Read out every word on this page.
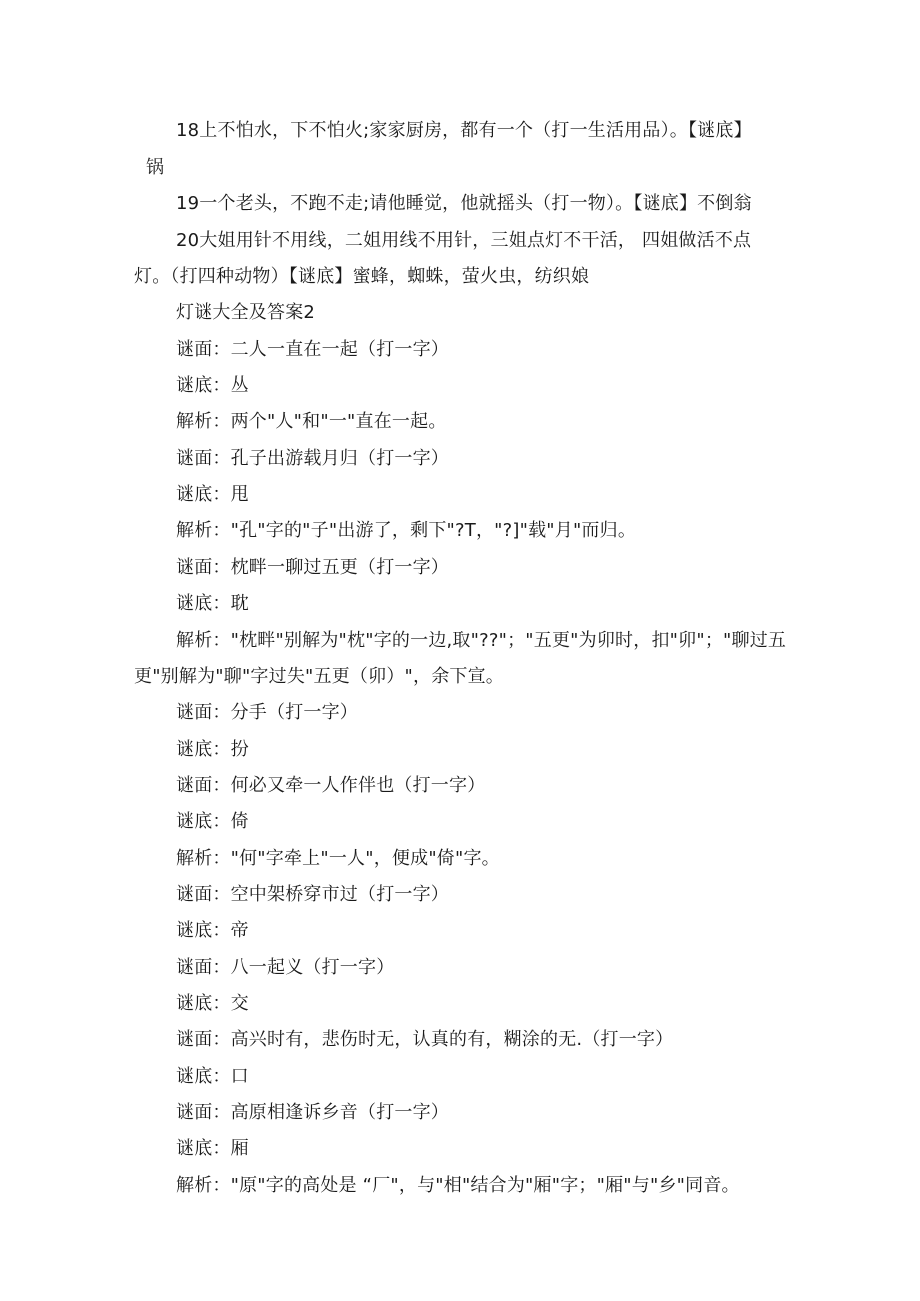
18上不怕水，下不怕火;家家厨房，都有一个（打一生活用品）。【谜底】
锅
19一个老头，不跑不走;请他睡觉，他就摇头（打一物）。【谜底】不倒翁
20大姐用针不用线，二姐用线不用针，三姐点灯不干活， 四姐做活不点
灯。（打四种动物）【谜底】蜜蜂，蜘蛛，萤火虫，纺织娘
灯谜大全及答案2
谜面：二人一直在一起（打一字）
谜底：丛
解析：两个"人"和"一"直在一起。
谜面：孔子出游载月归（打一字）
谜底：甩
解析："孔"字的"子"出游了，剩下"?T，"?]"载"月"而归。
谜面：枕畔一聊过五更（打一字）
谜底：耽
解析："枕畔"别解为"枕"字的一边,取"??"；"五更"为卯时，扣"卯"；"聊过五
更"别解为"聊"字过失"五更（卯）"，余下宣。
谜面：分手（打一字）
谜底：扮
谜面：何必又牵一人作伴也（打一字）
谜底：倚
解析："何"字牵上"一人"，便成"倚"字。
谜面：空中架桥穿市过（打一字）
谜底：帝
谜面：八一起义（打一字）
谜底：交
谜面：高兴时有，悲伤时无，认真的有，糊涂的无.（打一字）
谜底：口
谜面：高原相逢诉乡音（打一字）
谜底：厢
解析："原"字的高处是 “厂"，与"相"结合为"厢"字；"厢"与"乡"同音。
